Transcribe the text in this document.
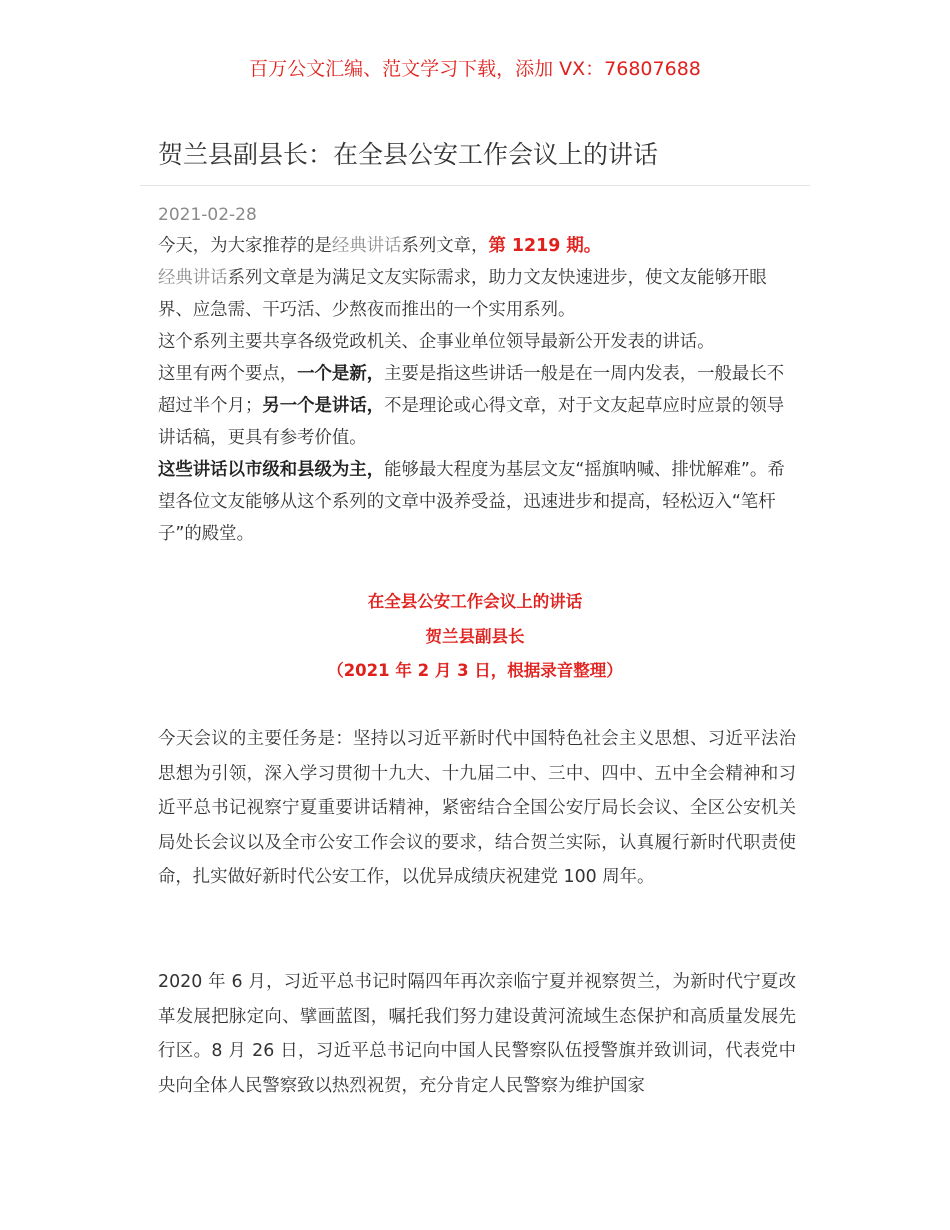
百万公文汇编、范文学习下载，添加 VX：76807688
贺兰县副县长：在全县公安工作会议上的讲话
2021-02-28

今天，为大家推荐的是经典讲话系列文章，第 1219 期。

经典讲话系列文章是为满足文友实际需求，助力文友快速进步，使文友能够开眼界、应急需、干巧活、少熬夜而推出的一个实用系列。

这个系列主要共享各级党政机关、企事业单位领导最新公开发表的讲话。

这里有两个要点，一个是新，主要是指这些讲话一般是在一周内发表，一般最长不超过半个月；另一个是讲话，不是理论或心得文章，对于文友起草应时应景的领导讲话稿，更具有参考价值。

这些讲话以市级和县级为主，能够最大程度为基层文友“摇旗呐喊、排忧解难”。希望各位文友能够从这个系列的文章中汲养受益，迅速进步和提高，轻松迈入“笔杆子”的殿堂。

在全县公安工作会议上的讲话
贺兰县副县长
（2021 年 2 月 3 日，根据录音整理）

今天会议的主要任务是：坚持以习近平新时代中国特色社会主义思想、习近平法治思想为引领，深入学习贯彻十九大、十九届二中、三中、四中、五中全会精神和习近平总书记视察宁夏重要讲话精神，紧密结合全国公安厅局长会议、全区公安机关局处长会议以及全市公安工作会议的要求，结合贺兰实际，认真履行新时代职责使命，扎实做好新时代公安工作，以优异成绩庆祝建党 100 周年。

2020 年 6 月，习近平总书记时隔四年再次亲临宁夏并视察贺兰，为新时代宁夏改革发展把脉定向、擘画蓝图，嘱托我们努力建设黄河流域生态保护和高质量发展先行区。8 月 26 日，习近平总书记向中国人民警察队伍授警旗并致训词，代表党中央向全体人民警察致以热烈祝贺，充分肯定人民警察为维护国家
